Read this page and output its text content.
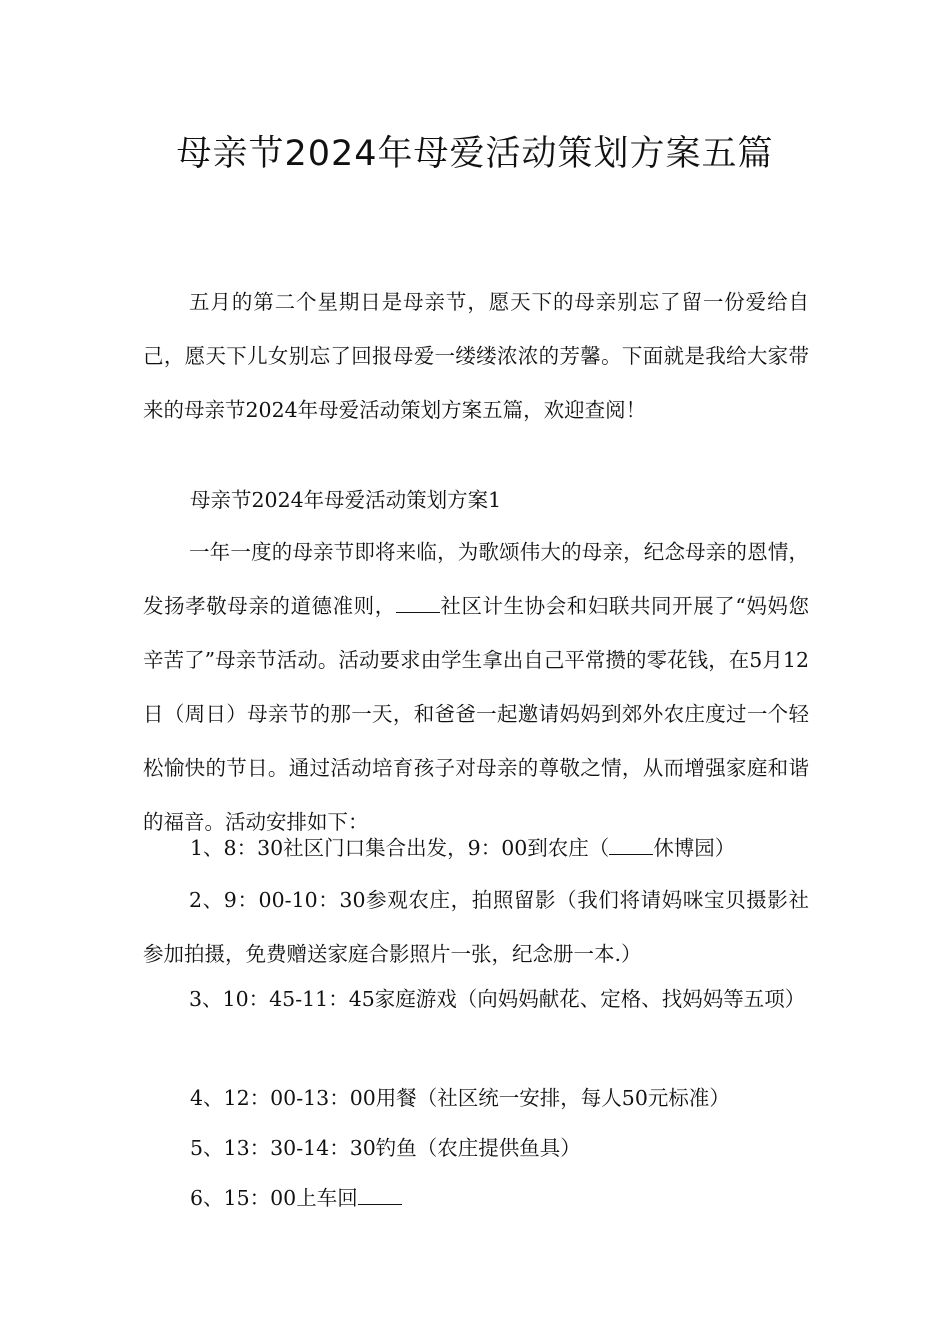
母亲节2024年母爱活动策划方案五篇

五月的第二个星期日是母亲节，愿天下的母亲别忘了留一份爱给自己，愿天下儿女别忘了回报母爱一缕缕浓浓的芳馨。下面就是我给大家带来的母亲节2024年母爱活动策划方案五篇，欢迎查阅！

母亲节2024年母爱活动策划方案1

一年一度的母亲节即将来临，为歌颂伟大的母亲，纪念母亲的恩情，发扬孝敬母亲的道德准则， 社区计生协会和妇联共同开展了“妈妈您辛苦了”母亲节活动。活动要求由学生拿出自己平常攒的零花钱，在5月12日（周日）母亲节的那一天，和爸爸一起邀请妈妈到郊外农庄度过一个轻松愉快的节日。通过活动培育孩子对母亲的尊敬之情，从而增强家庭和谐的福音。活动安排如下：

1、8：30社区门口集合出发，9：00到农庄（ 休博园）

2、9：00-10：30参观农庄，拍照留影（我们将请妈咪宝贝摄影社参加拍摄，免费赠送家庭合影照片一张，纪念册一本.）

3、10：45-11：45家庭游戏（向妈妈献花、定格、找妈妈等五项）

4、12：00-13：00用餐（社区统一安排，每人50元标准）

5、13：30-14：30钓鱼（农庄提供鱼具）

6、15：00上车回
